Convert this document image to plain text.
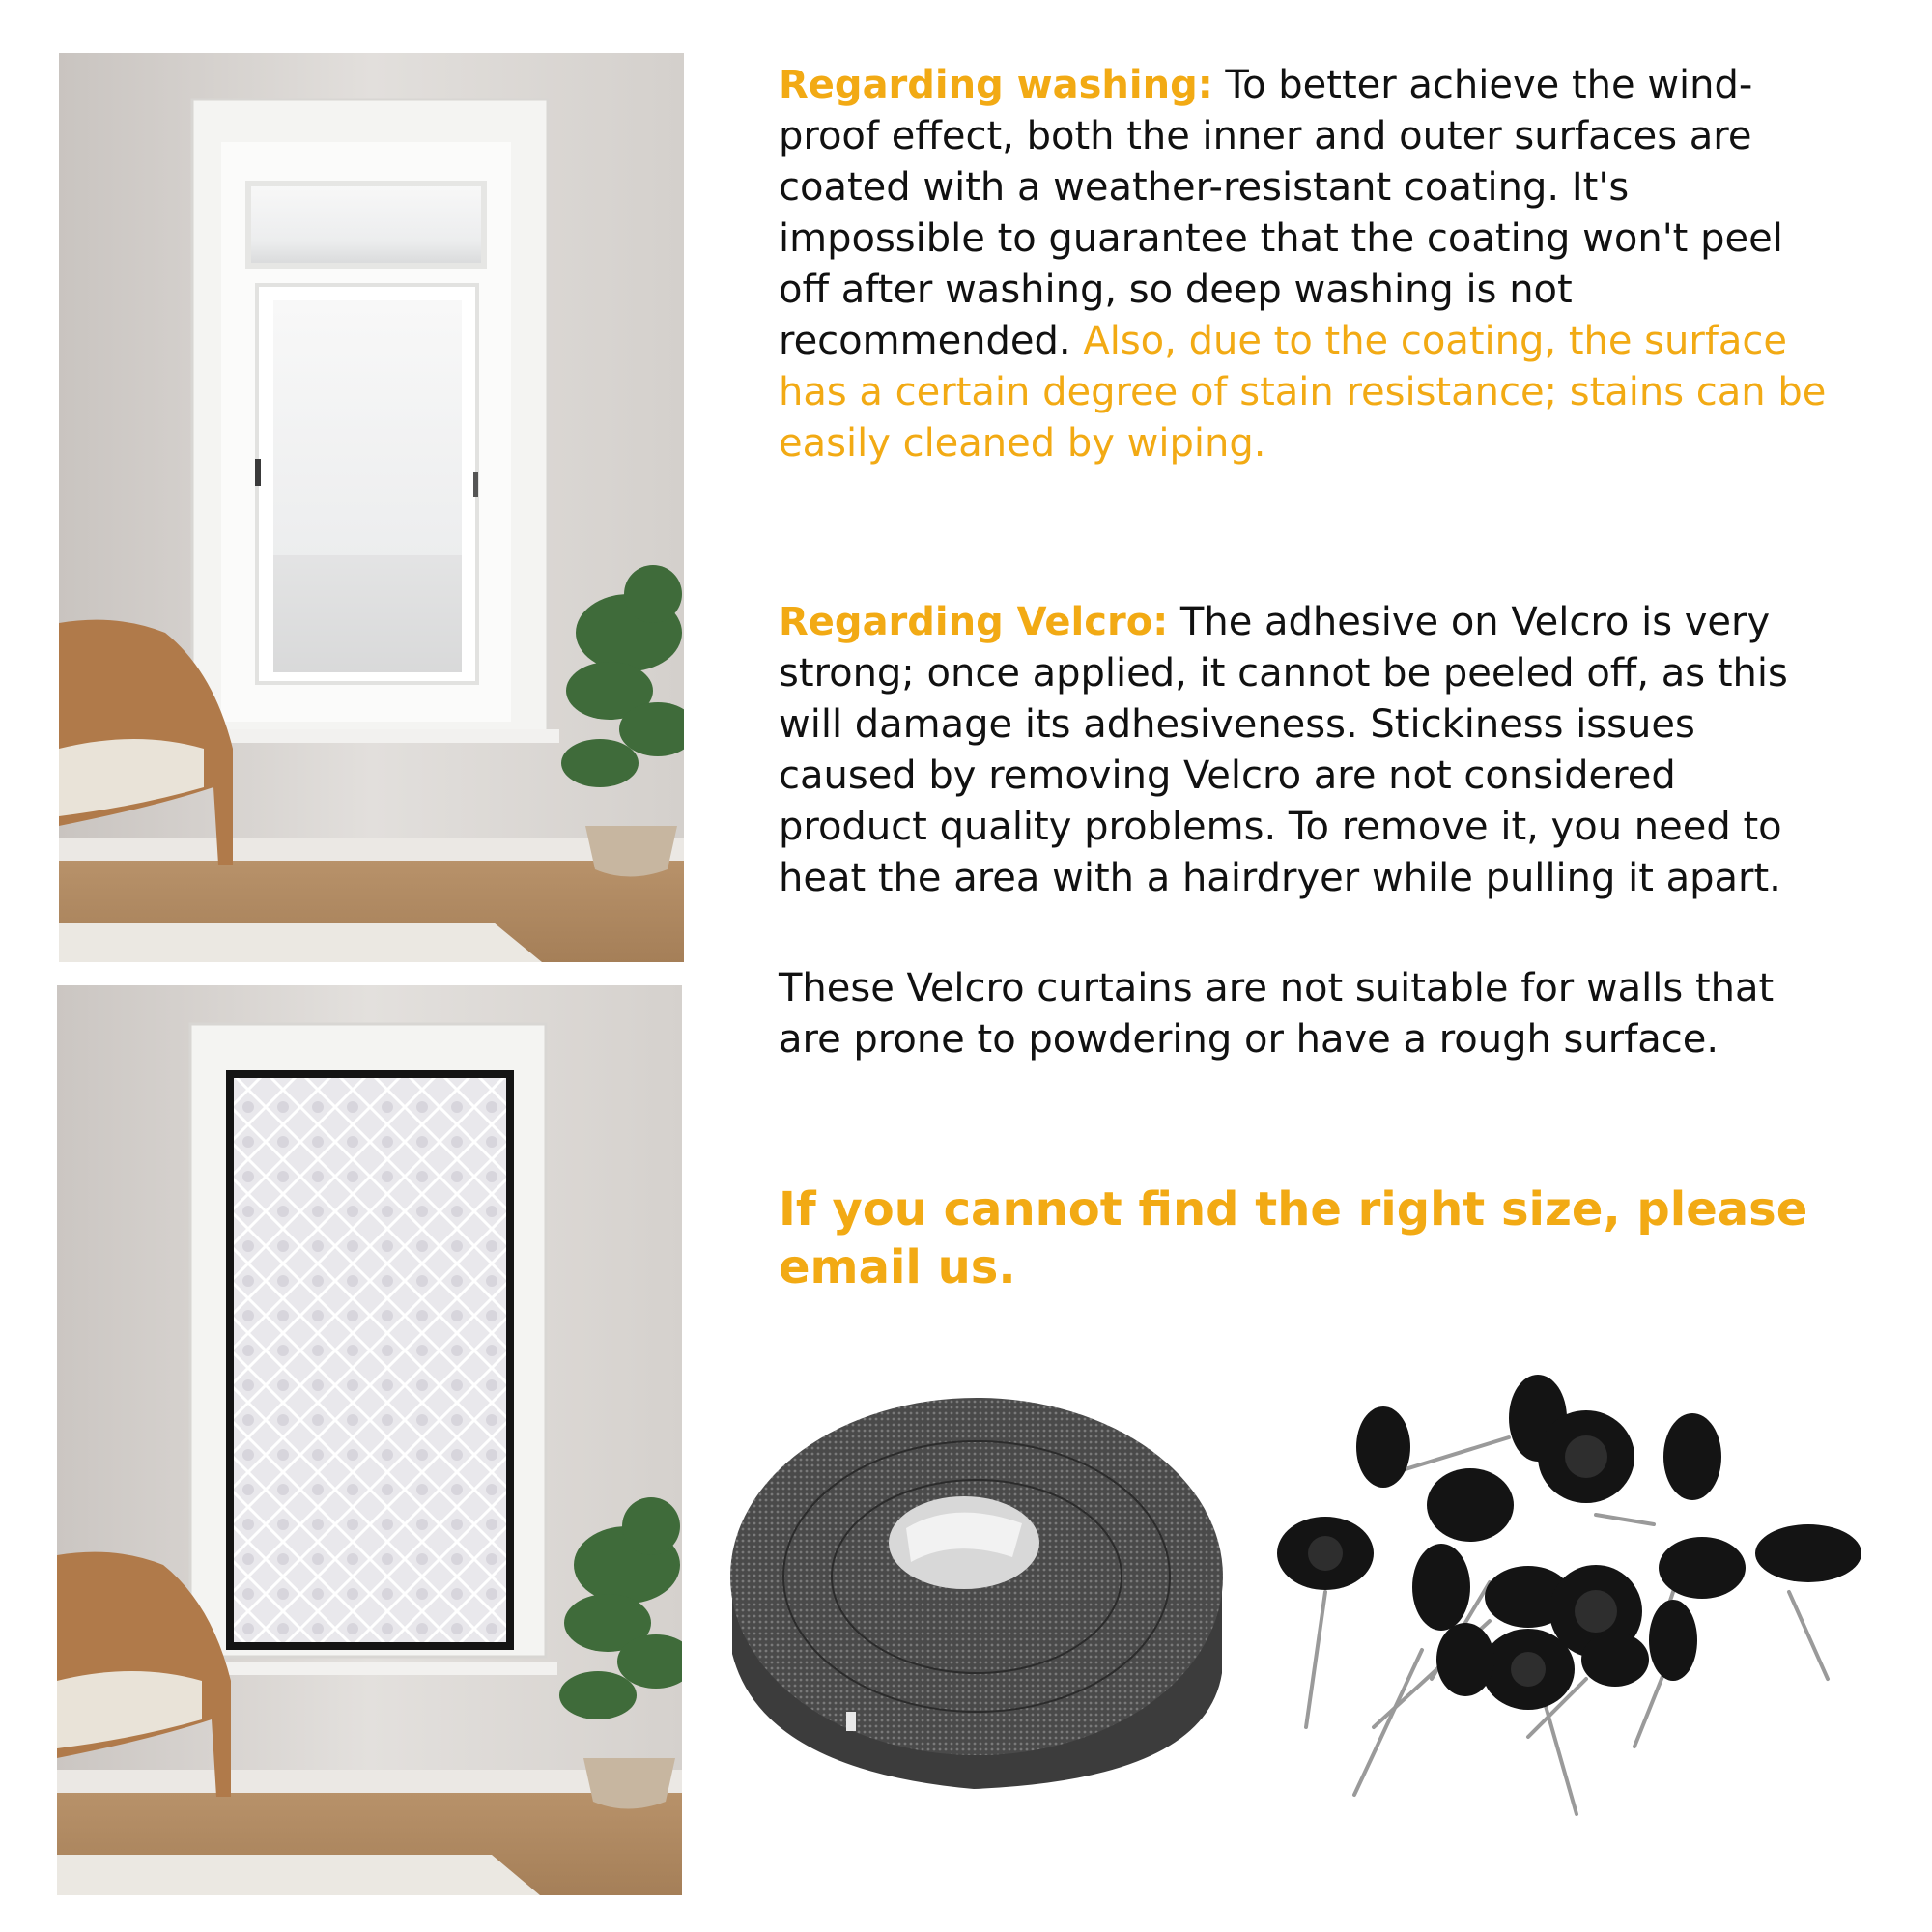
Regarding washing: To better achieve the wind-proof effect, both the inner and outer surfaces are coated with a weather-resistant coating. It's impossible to guarantee that the coating won't peel off after washing, so deep washing is not recommended. Also, due to the coating, the surface has a certain degree of stain resistance; stains can be easily cleaned by wiping.

Regarding Velcro: The adhesive on Velcro is very strong; once applied, it cannot be peeled off, as this will damage its adhesiveness. Stickiness issues caused by removing Velcro are not considered product quality problems. To remove it, you need to heat the area with a hairdryer while pulling it apart.

These Velcro curtains are not suitable for walls that are prone to powdering or have a rough surface.

If you cannot find the right size, please email us.
